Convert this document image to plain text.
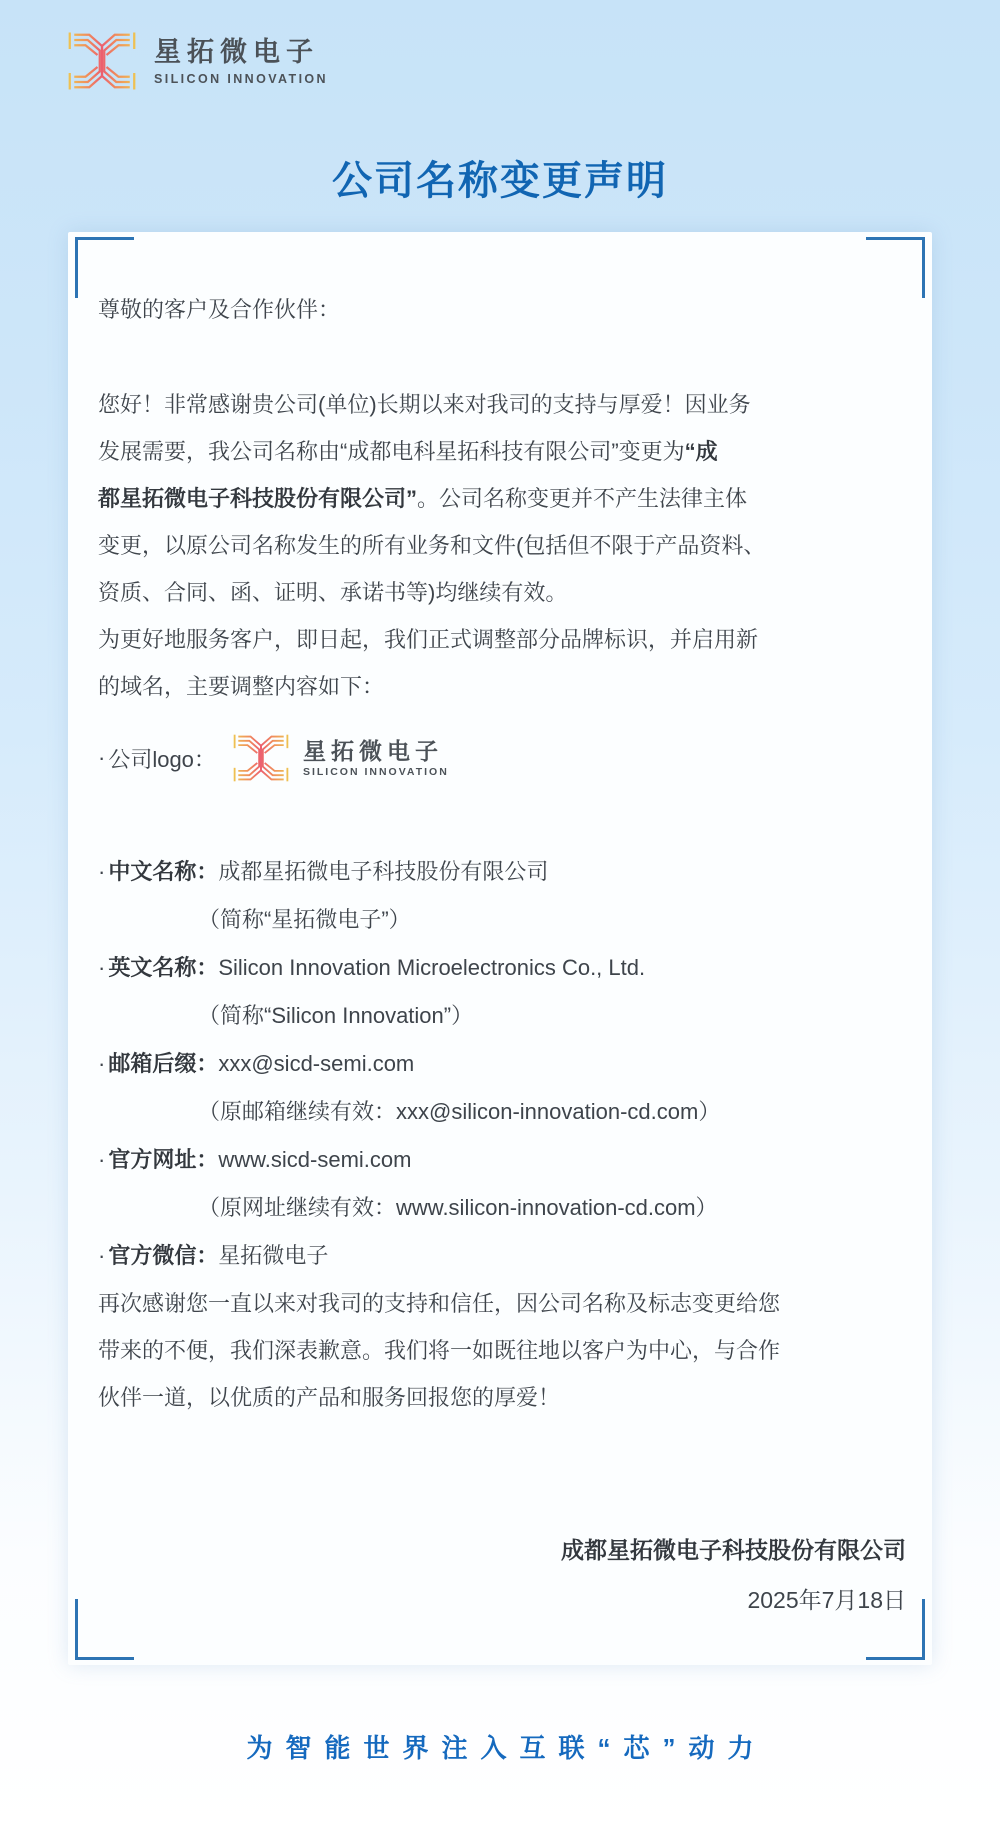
星拓微电子
SILICON INNOVATION
公司名称变更声明
尊敬的客户及合作伙伴：
您好！非常感谢贵公司(单位)长期以来对我司的支持与厚爱！因业务
发展需要，我公司名称由“成都电科星拓科技有限公司”变更为“成
都星拓微电子科技股份有限公司”。公司名称变更并不产生法律主体
变更，以原公司名称发生的所有业务和文件(包括但不限于产品资料、
资质、合同、函、证明、承诺书等)均继续有效。
为更好地服务客户，即日起，我们正式调整部分品牌标识，并启用新
的域名，主要调整内容如下：
· 公司logo：	星拓微电子
SILICON INNOVATION
· 中文名称：成都星拓微电子科技股份有限公司
（简称“星拓微电子”）
· 英文名称：Silicon Innovation Microelectronics Co., Ltd.
（简称“Silicon Innovation”）
· 邮箱后缀：xxx@sicd-semi.com
（原邮箱继续有效：xxx@silicon-innovation-cd.com）
· 官方网址：www.sicd-semi.com
（原网址继续有效：www.silicon-innovation-cd.com）
· 官方微信：星拓微电子
再次感谢您一直以来对我司的支持和信任，因公司名称及标志变更给您
带来的不便，我们深表歉意。我们将一如既往地以客户为中心，与合作
伙伴一道，以优质的产品和服务回报您的厚爱！
成都星拓微电子科技股份有限公司
2025年7月18日
为智能世界注入互联“芯”动力
